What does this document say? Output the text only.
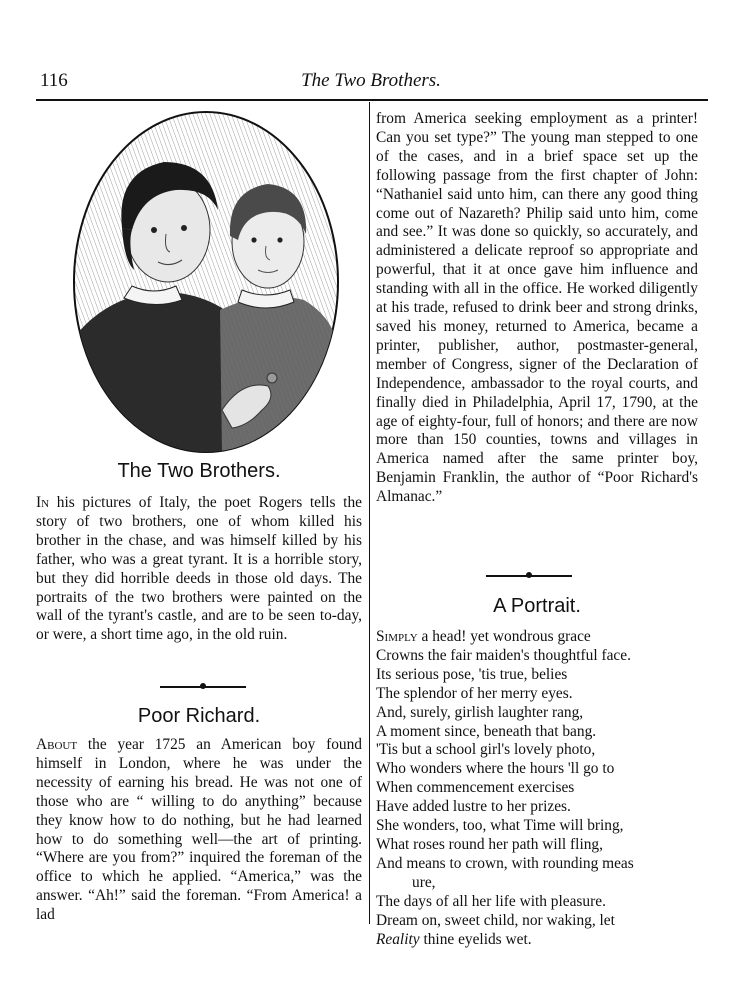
116	The Two Brothers.
The Two Brothers.
In his pictures of Italy, the poet Rogers tells the story of two brothers, one of whom killed his brother in the chase, and was himself killed by his father, who was a great tyrant. It is a horrible story, but they did horrible deeds in those old days. The portraits of the two brothers were painted on the wall of the tyrant's castle, and are to be seen to-day, or were, a short time ago, in the old ruin.
Poor Richard.
About the year 1725 an American boy found himself in London, where he was under the necessity of earning his bread. He was not one of those who are “ willing to do anything” because they know how to do nothing, but he had learned how to do something well—the art of printing. “Where are you from?” inquired the foreman of the office to which he applied. “America,” was the answer. “Ah!” said the foreman. “From America! a lad
from America seeking employment as a printer! Can you set type?” The young man stepped to one of the cases, and in a brief space set up the following passage from the first chapter of John: “Nathaniel said unto him, can there any good thing come out of Nazareth? Philip said unto him, come and see.” It was done so quickly, so accurately, and administered a delicate reproof so appropriate and powerful, that it at once gave him influence and standing with all in the office. He worked diligently at his trade, refused to drink beer and strong drinks, saved his money, returned to America, became a printer, publisher, author, postmaster-general, member of Congress, signer of the Declaration of Independence, ambassador to the royal courts, and finally died in Philadelphia, April 17, 1790, at the age of eighty-four, full of honors; and there are now more than 150 counties, towns and villages in America named after the same printer boy, Benjamin Franklin, the author of “Poor Richard's Almanac.”
A Portrait.
Simply a head! yet wondrous grace
Crowns the fair maiden's thoughtful face.
Its serious pose, 'tis true, belies
The splendor of her merry eyes.
And, surely, girlish laughter rang,
A moment since, beneath that bang.
'Tis but a school girl's lovely photo,
Who wonders where the hours 'll go to
When commencement exercises
Have added lustre to her prizes.
She wonders, too, what Time will bring,
What roses round her path will fling,
And means to crown, with rounding meas
ure,
The days of all her life with pleasure.
Dream on, sweet child, nor waking, let
Reality thine eyelids wet.
